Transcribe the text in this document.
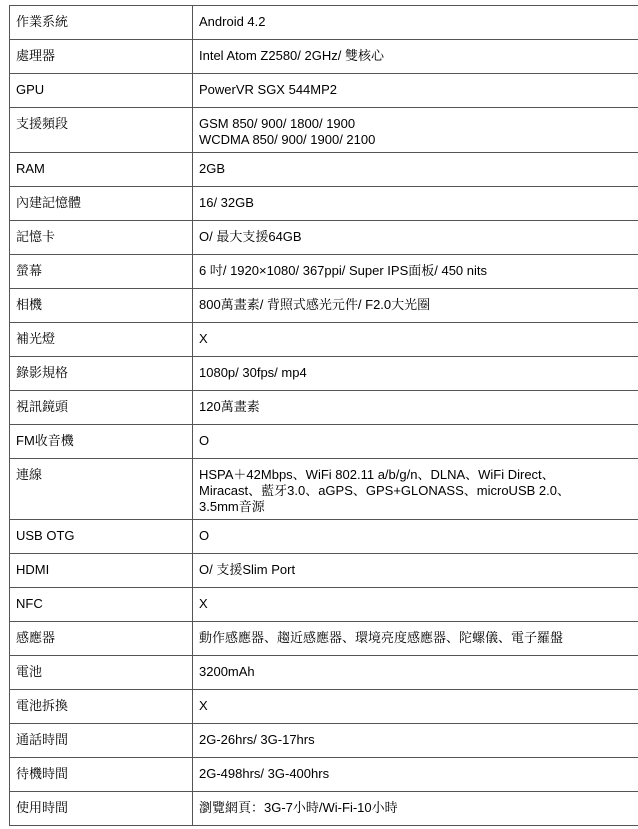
作業系統	Android 4.2

處理器	Intel Atom Z2580/ 2GHz/ 雙核心

GPU	PowerVR SGX 544MP2

支援頻段	GSM 850/ 900/ 1800/ 1900
WCDMA 850/ 900/ 1900/ 2100

RAM	2GB

內建記憶體	16/ 32GB

記憶卡	O/ 最大支援64GB

螢幕	6 吋/ 1920×1080/ 367ppi/ Super IPS面板/ 450 nits

相機	800萬畫素/ 背照式感光元件/ F2.0大光圈

補光燈	X

錄影規格	1080p/ 30fps/ mp4

視訊鏡頭	120萬畫素

FM收音機	O

連線	HSPA＋42Mbps、WiFi 802.11 a/b/g/n、DLNA、WiFi Direct、
Miracast、藍牙3.0、aGPS、GPS+GLONASS、microUSB 2.0、
3.5mm音源

USB OTG	O

HDMI	O/ 支援Slim Port

NFC	X

感應器	動作感應器、趨近感應器、環境亮度感應器、陀螺儀、電子羅盤

電池	3200mAh

電池拆換	X

通話時間	2G-26hrs/ 3G-17hrs

待機時間	2G-498hrs/ 3G-400hrs

使用時間	瀏覽網頁：3G-7小時/Wi-Fi-10小時
